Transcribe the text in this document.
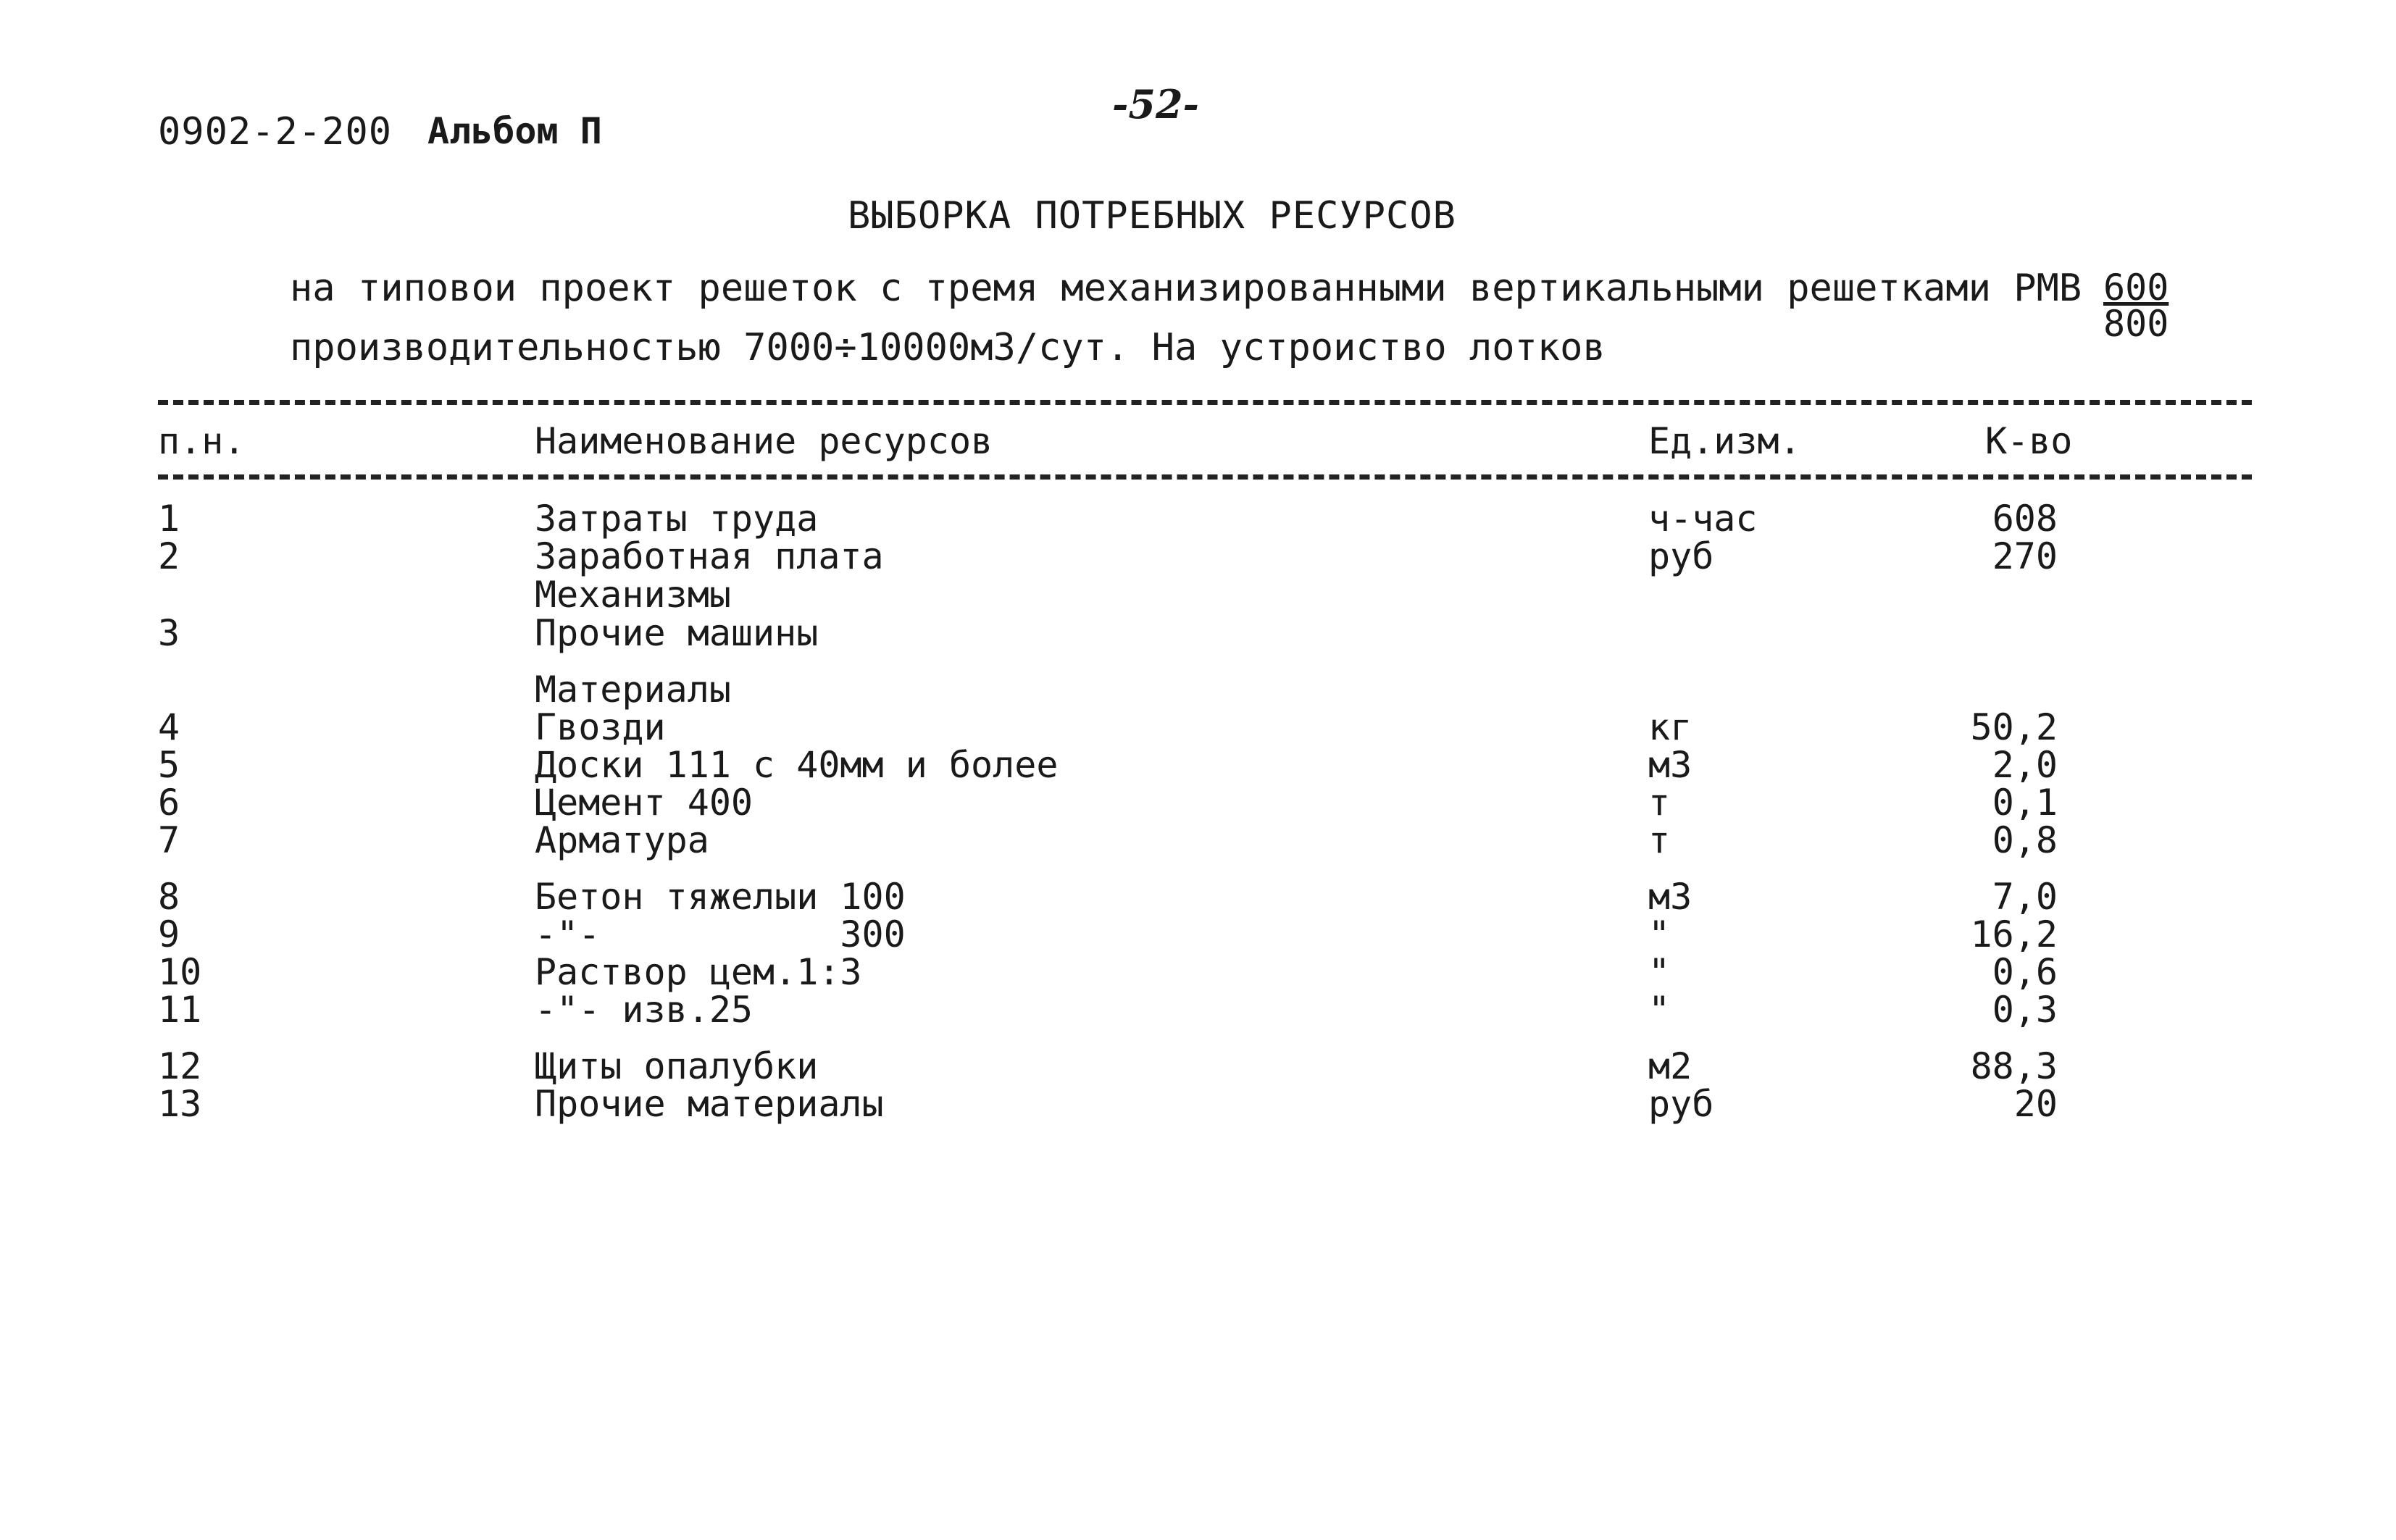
0902-2-200 Альбом П
-52-
ВЫБОРКА ПОТРЕБНЫХ РЕСУРСОВ
на типовои проект решеток с тремя механизированными вертикальными решетками РМВ
производительностью 7000÷10000м3/сут. На устроиство лотков
600
800
п.н.	Наименование ресурсов	Ед.изм.	К-во
1	Затраты труда	ч-час	608
2	Заработная плата	руб	270
Механизмы
3	Прочие машины
Материалы
4	Гвозди	кг	50,2
5	Доски 111 с 40мм и более	м3	2,0
6	Цемент 400	т	0,1
7	Арматура	т	0,8
8	Бетон тяжелыи 100	м3	7,0
9	-"-           300	"	16,2
10	Раствор цем.1:3	"	0,6
11	-"- изв.25	"	0,3
12	Щиты опалубки	м2	88,3
13	Прочие материалы	руб	20
